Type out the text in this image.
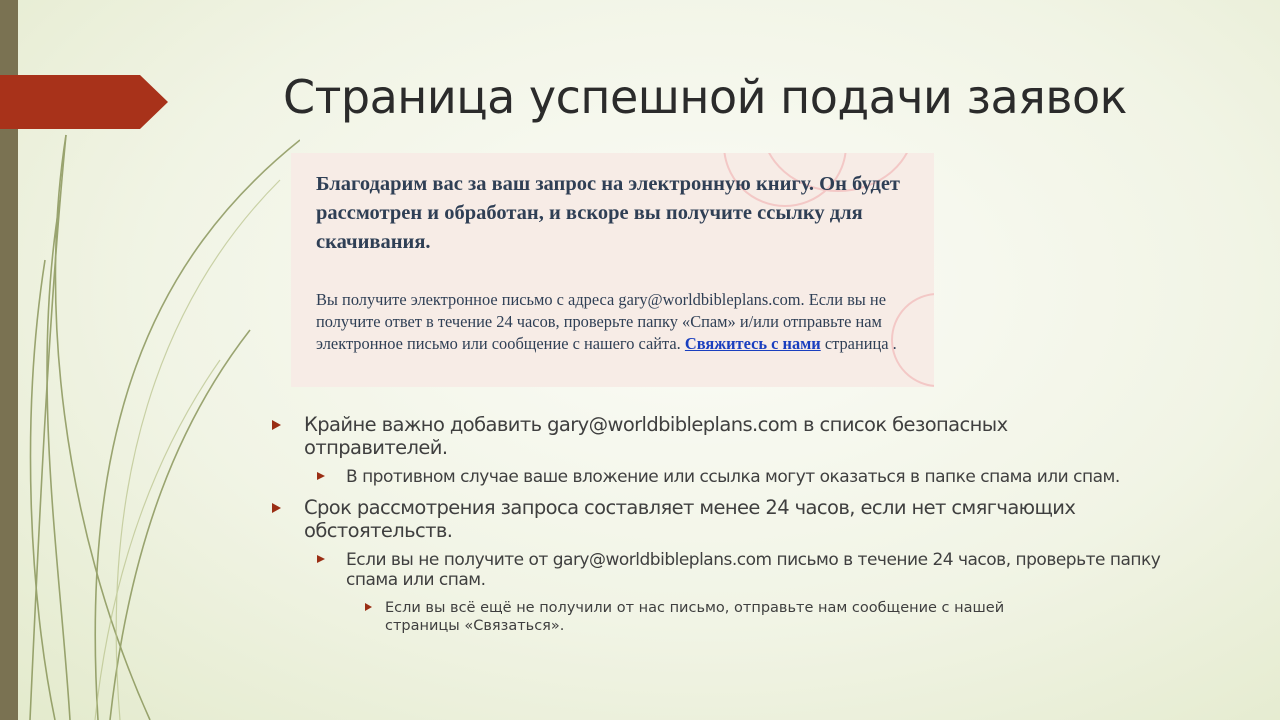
Страница успешной подачи заявок
Благодарим вас за ваш запрос на электронную книгу. Он будет рассмотрен и обработан, и вскоре вы получите ссылку для скачивания.
Вы получите электронное письмо с адреса gary@worldbibleplans.com. Если вы не получите ответ в течение 24 часов, проверьте папку «Спам» и/или отправьте нам электронное письмо или сообщение с нашего сайта. Свяжитесь с нами страница .
Крайне важно добавить gary@worldbibleplans.com в список безопасных отправителей.
В противном случае ваше вложение или ссылка могут оказаться в папке спама или спам.
Срок рассмотрения запроса составляет менее 24 часов, если нет смягчающих обстоятельств.
Если вы не получите от gary@worldbibleplans.com письмо в течение 24 часов, проверьте папку спама или спам.
Если вы всё ещё не получили от нас письмо, отправьте нам сообщение с нашей страницы «Связаться».
